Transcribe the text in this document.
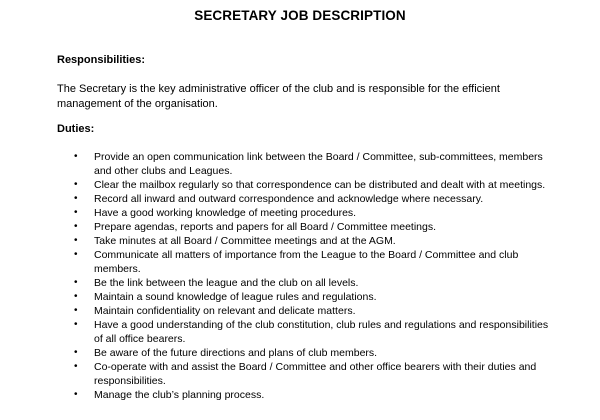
SECRETARY JOB DESCRIPTION
Responsibilities:
The Secretary is the key administrative officer of the club and is responsible for the efficient management of the organisation.
Duties:
• Provide an open communication link between the Board / Committee, sub-committees, members and other clubs and Leagues.
• Clear the mailbox regularly so that correspondence can be distributed and dealt with at meetings.
• Record all inward and outward correspondence and acknowledge where necessary.
• Have a good working knowledge of meeting procedures.
• Prepare agendas, reports and papers for all Board / Committee meetings.
• Take minutes at all Board / Committee meetings and at the AGM.
• Communicate all matters of importance from the League to the Board / Committee and club members.
• Be the link between the league and the club on all levels.
• Maintain a sound knowledge of league rules and regulations.
• Maintain confidentiality on relevant and delicate matters.
• Have a good understanding of the club constitution, club rules and regulations and responsibilities of all office bearers.
• Be aware of the future directions and plans of club members.
• Co-operate with and assist the Board / Committee and other office bearers with their duties and responsibilities.
• Manage the club’s planning process.
